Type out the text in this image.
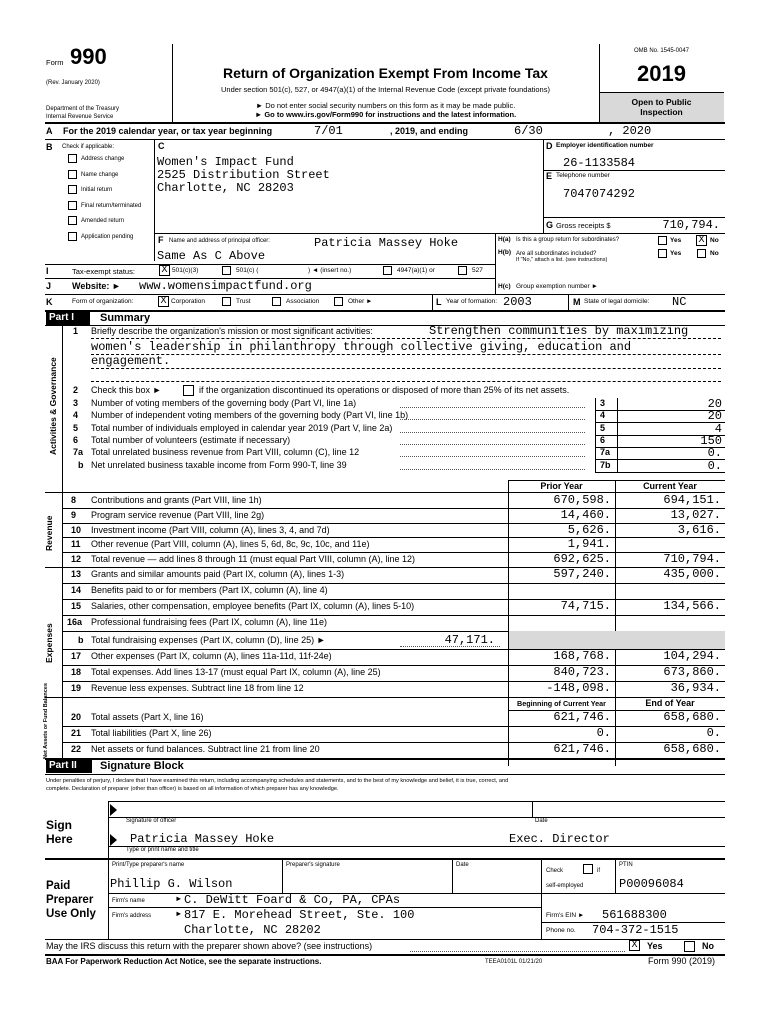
Form 990
(Rev. January 2020)
Department of the Treasury
Internal Revenue Service
Return of Organization Exempt From Income Tax
Under section 501(c), 527, or 4947(a)(1) of the Internal Revenue Code (except private foundations)
► Do not enter social security numbers on this form as it may be made public.
► Go to www.irs.gov/Form990 for instructions and the latest information.
OMB No. 1545-0047
2019
Open to Public
Inspection
A For the 2019 calendar year, or tax year beginning	7/01	, 2019, and ending	6/30	, 2020
B Check if applicable:
Address change
Name change
Initial return
Final return/terminated
Amended return
Application pending
C
Women's Impact Fund
2525 Distribution Street
Charlotte, NC 28203
D Employer identification number
26-1133584
E Telephone number
7047074292
G Gross receipts $	710,794.
F Name and address of principal officer:	Patricia Massey Hoke
Same As C Above
H(a) Is this a group return for subordinates?	Yes X No
H(b) Are all subordinates included?
If "No," attach a list. (see instructions)
Yes	No
I	Tax-exempt status:	X 501(c)(3)	501(c) (	) ◄ (insert no.)	4947(a)(1) or	527
J Website: ► www.womensimpactfund.org	H(c) Group exemption number ►
K	Form of organization:	X Corporation	Trust	Association	Other ►	L Year of formation: 2003	M State of legal domicile: NC
Part I	Summary
Activities & Governance
1 Briefly describe the organization's mission or most significant activities:	Strengthen communities by maximizing
women's leadership in philanthropy through collective giving, education and
engagement.
2 Check this box ►	if the organization discontinued its operations or disposed of more than 25% of its net assets.
3 Number of voting members of the governing body (Part VI, line 1a)	3	20
4 Number of independent voting members of the governing body (Part VI, line 1b)	4	20
5 Total number of individuals employed in calendar year 2019 (Part V, line 2a)	5	4
6 Total number of volunteers (estimate if necessary)	6	150
7a Total unrelated business revenue from Part VIII, column (C), line 12	7a	0.
b Net unrelated business taxable income from Form 990-T, line 39	7b	0.
Prior Year	Current Year
Revenue
8 Contributions and grants (Part VIII, line 1h)	670,598.	694,151.
9 Program service revenue (Part VIII, line 2g)	14,460.	13,027.
10 Investment income (Part VIII, column (A), lines 3, 4, and 7d)	5,626.	3,616.
11 Other revenue (Part VIII, column (A), lines 5, 6d, 8c, 9c, 10c, and 11e)	1,941.
12 Total revenue — add lines 8 through 11 (must equal Part VIII, column (A), line 12)	692,625.	710,794.
Expenses
13 Grants and similar amounts paid (Part IX, column (A), lines 1-3)	597,240.	435,000.
14 Benefits paid to or for members (Part IX, column (A), line 4)
15 Salaries, other compensation, employee benefits (Part IX, column (A), lines 5-10)	74,715.	134,566.
16a Professional fundraising fees (Part IX, column (A), line 11e)
b Total fundraising expenses (Part IX, column (D), line 25) ►	47,171.
17 Other expenses (Part IX, column (A), lines 11a-11d, 11f-24e)	168,768.	104,294.
18 Total expenses. Add lines 13-17 (must equal Part IX, column (A), line 25)	840,723.	673,860.
19 Revenue less expenses. Subtract line 18 from line 12	-148,098.	36,934.
Beginning of Current Year	End of Year
Net Assets or Fund Balances 20 Total assets (Part X, line 16)	621,746.	658,680.
21 Total liabilities (Part X, line 26)	0.	0.
22 Net assets or fund balances. Subtract line 21 from line 20	621,746.	658,680.
Part II	Signature Block
Under penalties of perjury, I declare that I have examined this return, including accompanying schedules and statements, and to the best of my knowledge and belief, it is true, correct, and
complete. Declaration of preparer (other than officer) is based on all information of which preparer has any knowledge.
Sign
Here
Signature of officer	Date
Patricia Massey Hoke	Exec. Director
Type or print name and title
Paid
Preparer
Use Only
Print/Type preparer's name	Preparer's signature	Date
Check	if
self-employed
PTIN
Phillip G. Wilson	P00096084
Firm's name	► C. DeWitt Foard & Co, PA, CPAs
Firm's address	► 817 E. Morehead Street, Ste. 100
Charlotte, NC 28202
Firm's EIN ► 561688300
Phone no. 704-372-1515
May the IRS discuss this return with the preparer shown above? (see instructions)	X Yes	No
BAA For Paperwork Reduction Act Notice, see the separate instructions.	TEEA0101L 01/21/20	Form 990 (2019)
